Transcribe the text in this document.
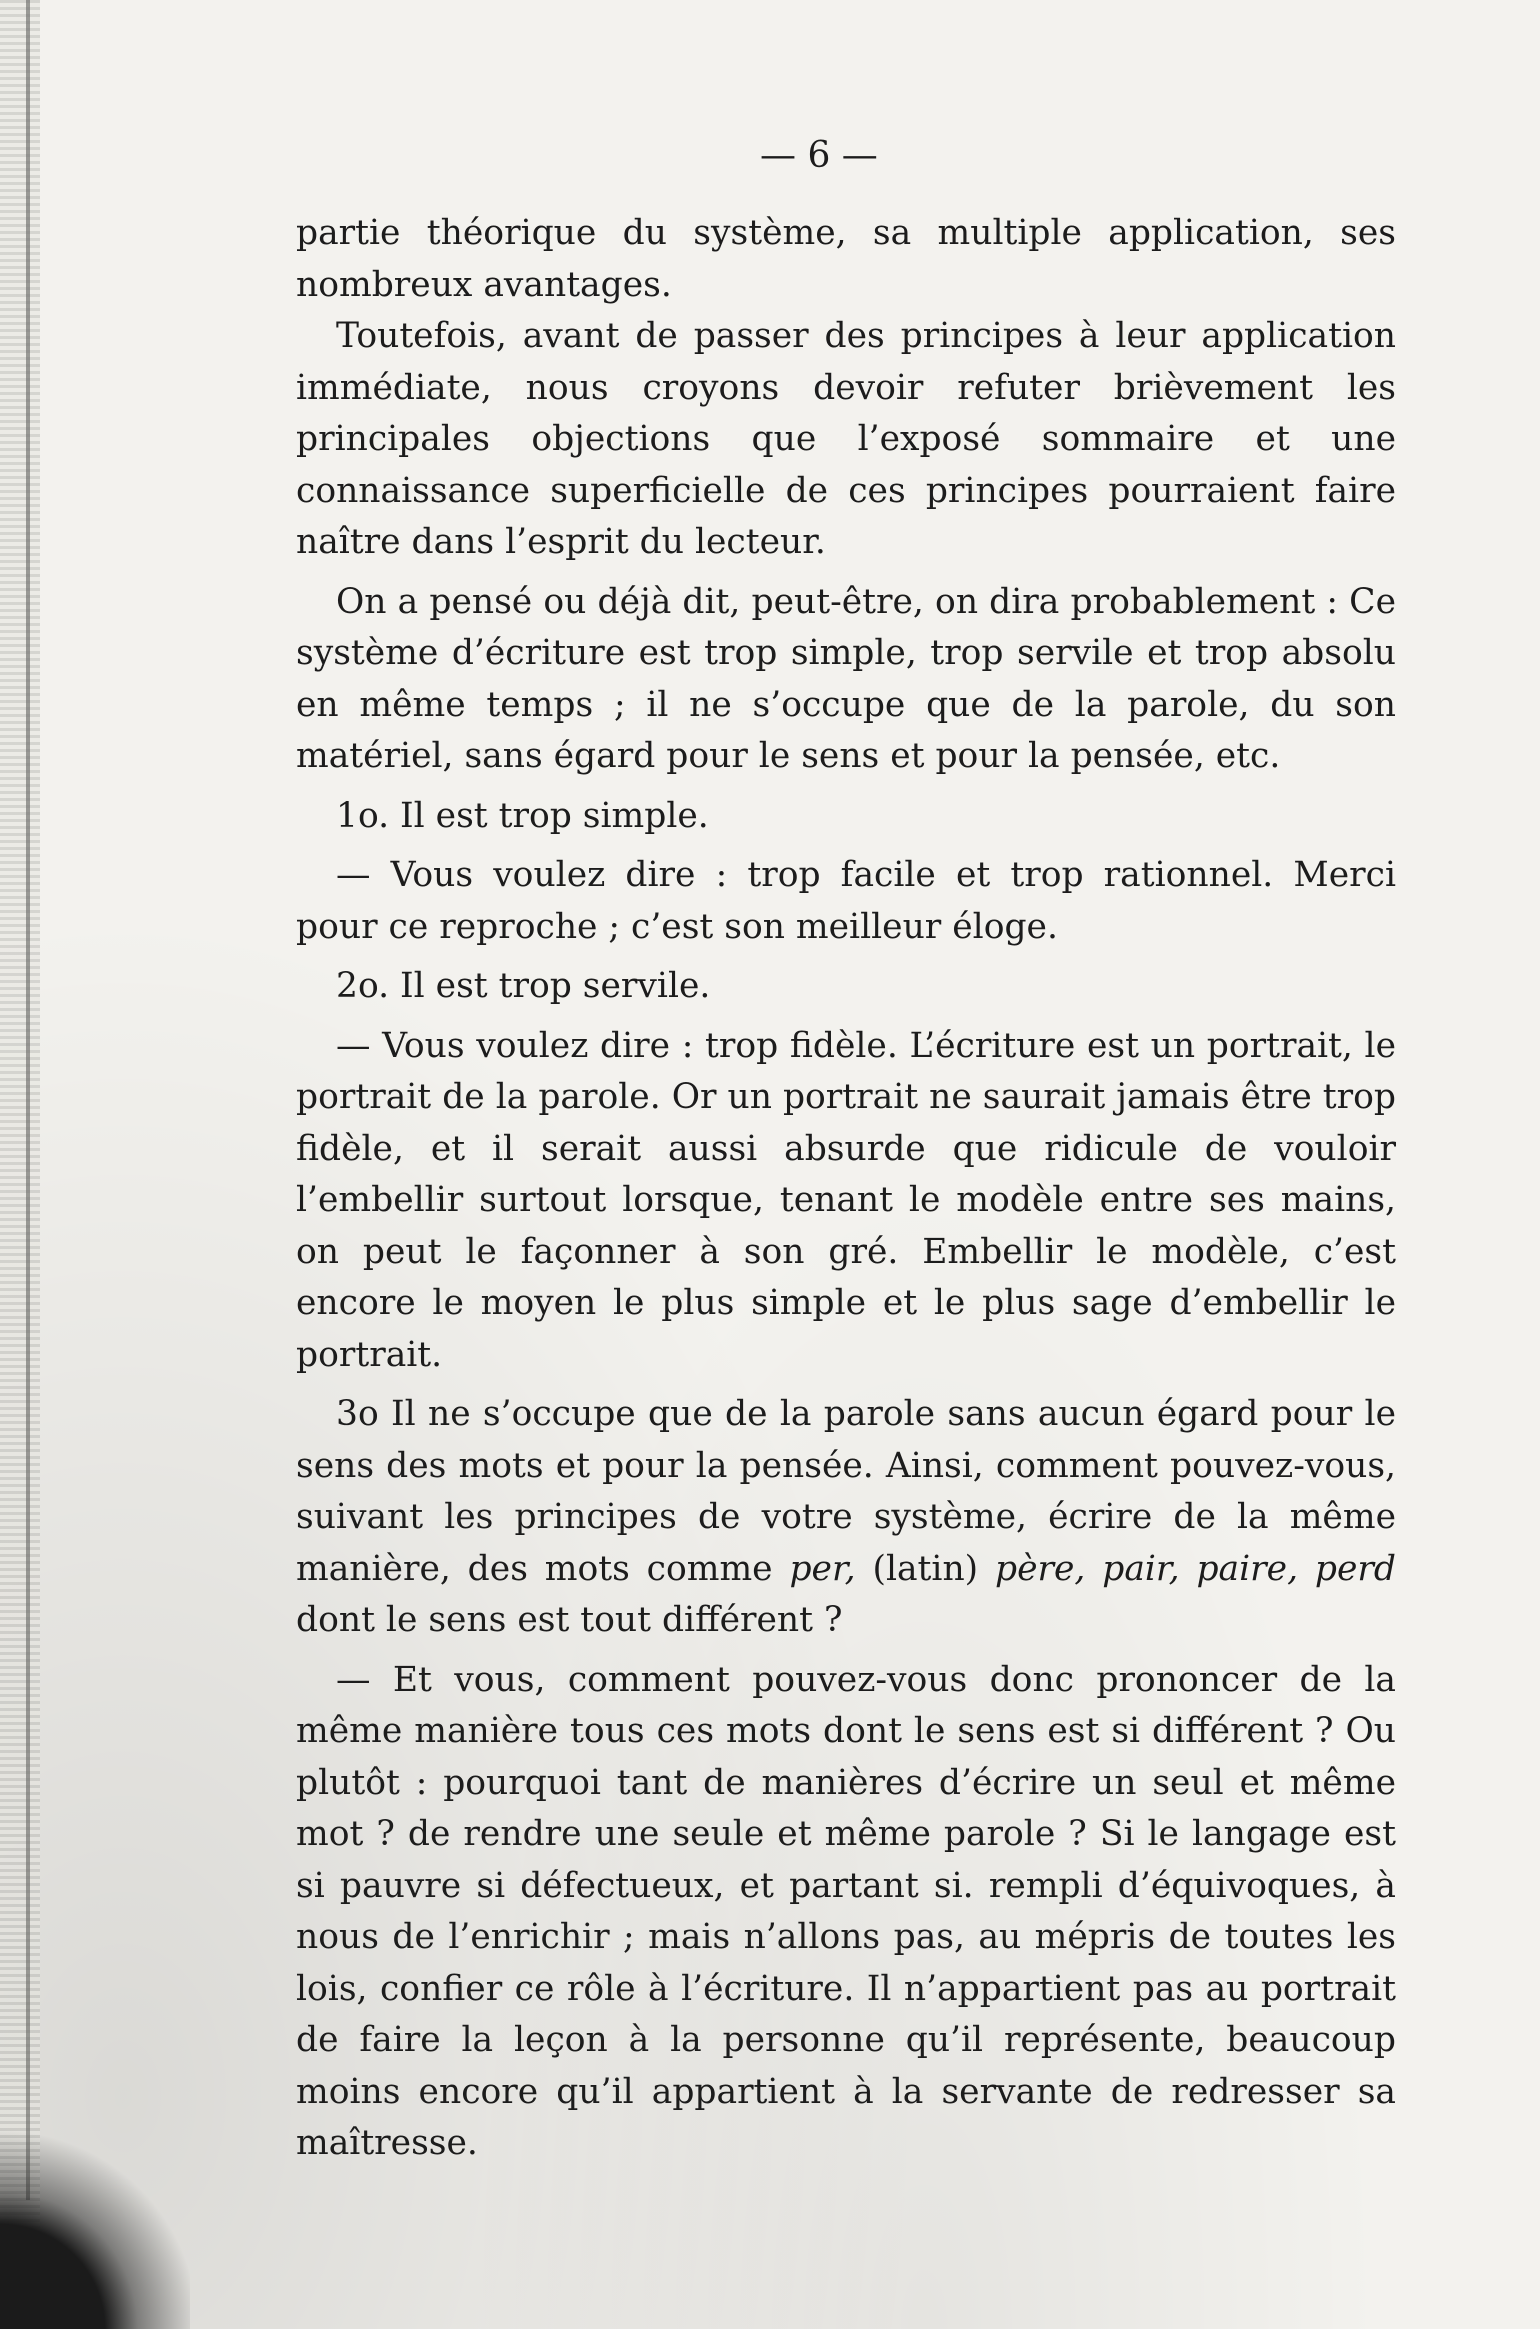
— 6 —

partie théorique du système, sa multiple application, ses nombreux avantages.

Toutefois, avant de passer des principes à leur application immédiate, nous croyons devoir refuter brièvement les principales objections que l’exposé sommaire et une connaissance superficielle de ces principes pourraient faire naître dans l’esprit du lecteur.

On a pensé ou déjà dit, peut-être, on dira probablement : Ce système d’écriture est trop simple, trop servile et trop absolu en même temps ; il ne s’occupe que de la parole, du son matériel, sans égard pour le sens et pour la pensée, etc.

1o. Il est trop simple.

— Vous voulez dire : trop facile et trop rationnel. Merci pour ce reproche ; c’est son meilleur éloge.

2o. Il est trop servile.

— Vous voulez dire : trop fidèle. L’écriture est un portrait, le portrait de la parole. Or un portrait ne saurait jamais être trop fidèle, et il serait aussi absurde que ridicule de vouloir l’embellir surtout lorsque, tenant le modèle entre ses mains, on peut le façonner à son gré. Embellir le modèle, c’est encore le moyen le plus simple et le plus sage d’embellir le portrait.

3o Il ne s’occupe que de la parole sans aucun égard pour le sens des mots et pour la pensée. Ainsi, comment pouvez-vous, suivant les principes de votre système, écrire de la même manière, des mots comme per, (latin) père, pair, paire, perd dont le sens est tout différent ?

— Et vous, comment pouvez-vous donc prononcer de la même manière tous ces mots dont le sens est si différent ? Ou plutôt : pourquoi tant de manières d’écrire un seul et même mot ? de rendre une seule et même parole ? Si le langage est si pauvre si défectueux, et partant si. rempli d’équivoques, à nous de l’enrichir ; mais n’allons pas, au mépris de toutes les lois, confier ce rôle à l’écriture. Il n’appartient pas au portrait de faire la leçon à la personne qu’il représente, beaucoup moins encore qu’il appartient à la servante de redresser sa maîtresse.
